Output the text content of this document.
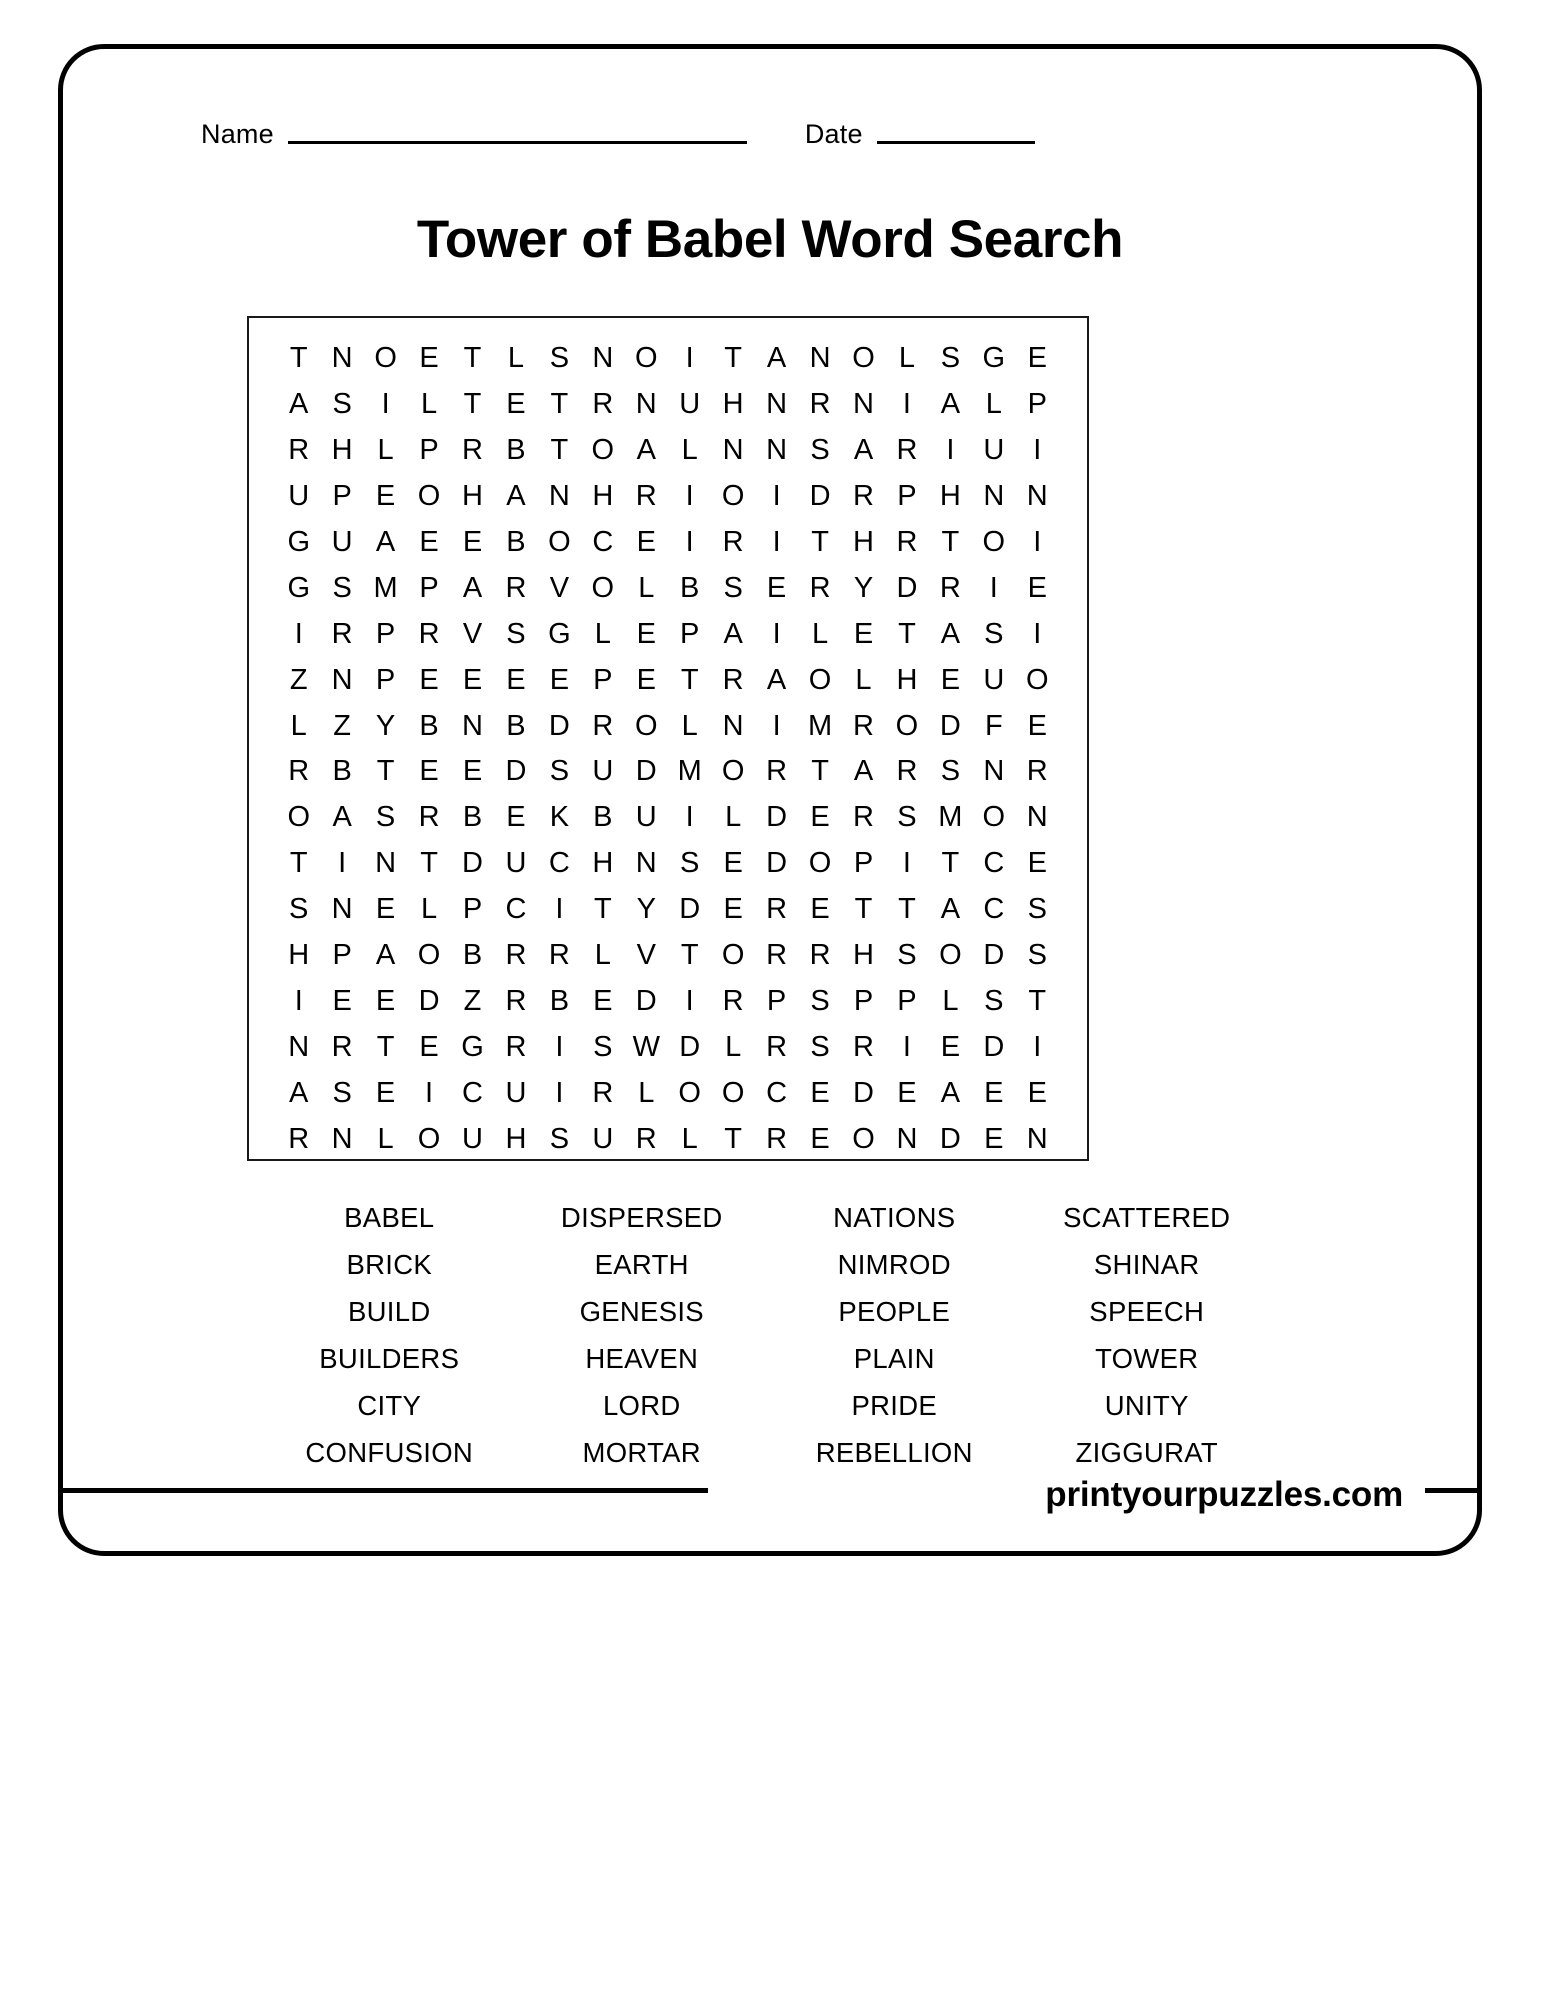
Name	Date
Tower of Babel Word Search
T N O E T L S N O I	T A N O L S G E
A S	I	L T E T R N U H N R N I	A L P
R H L P R B T O A L N N S A R I U I
U P E O H A N H R I O I D R P H N N
G U A E E B O C E	I R I	T H R T O I
G S M P A R V O L B S E R Y D R I	E
I R P R V S G L E P A	I	L E T A S	I
Z N P E E E E P E T R A O L H E U O
L Z Y B N B D R O L N I M R O D F E
R B T E E D S U D M O R T A R S N R
O A S R B E K B U I	L D E R S M O N
T	I N T D U C H N S E D O P	I	T C E
S N E L P C I	T Y D E R E T T A C S
H P A O B R R L V T O R R H S O D S
I	E E D Z R B E D I R P S P P L S T
N R T E G R I	S W D L R S R I	E D I
A S E	I C U I R L O O C E D E A E E
R N L O U H S U R L T R E O N D E N
BABEL	DISPERSED	NATIONS	SCATTERED
BRICK	EARTH	NIMROD	SHINAR
BUILD	GENESIS	PEOPLE	SPEECH
BUILDERS	HEAVEN	PLAIN	TOWER
CITY	LORD	PRIDE	UNITY
CONFUSION	MORTAR	REBELLION	ZIGGURAT
printyourpuzzles.com
